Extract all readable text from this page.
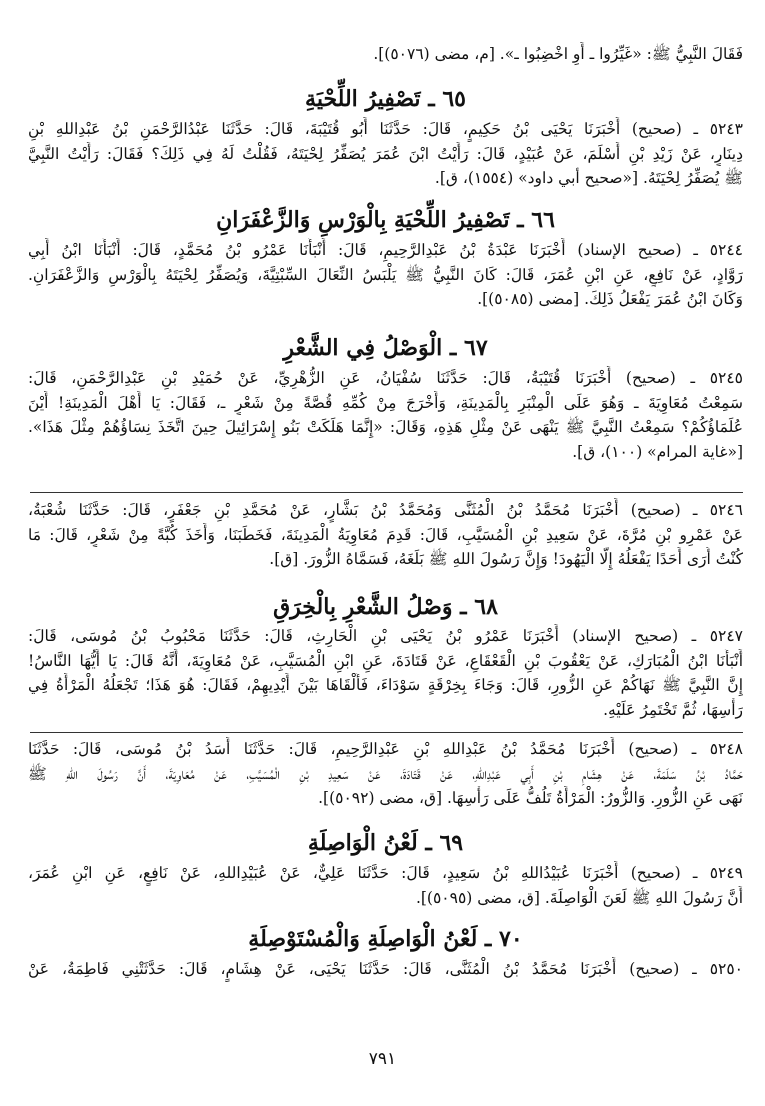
فَقَالَ النَّبِيُّ ﷺ: «غَيِّرُوا ـ أَوِ اخْضِبُوا ـ». [م، مضى (٥٠٧٦)].
٦٥ ـ تَصْفِيرُ اللِّحْيَةِ
٥٢٤٣ ـ (صحيح) أَخْبَرَنَا يَحْيَى بْنُ حَكِيمٍ، قَالَ: حَدَّثَنَا أَبُو قُتَيْبَةَ، قَالَ: حَدَّثَنَا عَبْدُالرَّحْمَنِ بْنُ عَبْدِاللهِ بْنِ
دِينَارٍ، عَنْ زَيْدِ بْنِ أَسْلَمَ، عَنْ عُبَيْدٍ، قَالَ: رَأَيْتُ ابْنَ عُمَرَ يُصَفِّرُ لِحْيَتَهُ، فَقُلْتُ لَهُ فِي ذَلِكَ؟ فَقَالَ: رَأَيْتُ النَّبِيَّ
ﷺ يُصَفِّرُ لِحْيَتَهُ. [«صحيح أبي داود» (١٥٥٤)، ق].
٦٦ ـ تَصْفِيرُ اللِّحْيَةِ بِالْوَرْسِ وَالزَّعْفَرَانِ
٥٢٤٤ ـ (صحيح الإسناد) أَخْبَرَنَا عَبْدَةُ بْنُ عَبْدِالرَّحِيمِ، قَالَ: أَنْبَأَنَا عَمْرُو بْنُ مُحَمَّدٍ، قَالَ: أَنْبَأَنَا ابْنُ أَبِي
رَوَّادٍ، عَنْ نَافِعٍ، عَنِ ابْنِ عُمَرَ، قَالَ: كَانَ النَّبِيُّ ﷺ يَلْبَسُ النِّعَالَ السِّبْتِيَّةَ، وَيُصَفِّرُ لِحْيَتَهُ بِالْوَرْسِ وَالزَّعْفَرَانِ.
وَكَانَ ابْنُ عُمَرَ يَفْعَلُ ذَلِكَ. [مضى (٥٠٨٥)].
٦٧ ـ الْوَصْلُ فِي الشَّعْرِ
٥٢٤٥ ـ (صحيح) أَخْبَرَنَا قُتَيْبَةُ، قَالَ: حَدَّثَنَا سُفْيَانُ، عَنِ الزُّهْرِيِّ، عَنْ حُمَيْدِ بْنِ عَبْدِالرَّحْمَنِ، قَالَ:
سَمِعْتُ مُعَاوِيَةَ ـ وَهُوَ عَلَى الْمِنْبَرِ بِالْمَدِينَةِ، وَأَخْرَجَ مِنْ كُمِّهِ قُصَّةً مِنْ شَعْرٍ ـ، فَقَالَ: يَا أَهْلَ الْمَدِينَةِ! أَيْنَ
عُلَمَاؤُكُمْ؟ سَمِعْتُ النَّبِيَّ ﷺ يَنْهَى عَنْ مِثْلِ هَذِهِ، وَقَالَ: «إِنَّمَا هَلَكَتْ بَنُو إِسْرَائِيلَ حِينَ اتَّخَذَ نِسَاؤُهُمْ مِثْلَ هَذَا».
[«غاية المرام» (١٠٠)، ق].
٥٢٤٦ ـ (صحيح) أَخْبَرَنَا مُحَمَّدُ بْنُ الْمُثَنَّى وَمُحَمَّدُ بْنُ بَشَّارٍ، عَنْ مُحَمَّدِ بْنِ جَعْفَرٍ، قَالَ: حَدَّثَنَا شُعْبَةُ،
عَنْ عَمْرِو بْنِ مُرَّةَ، عَنْ سَعِيدِ بْنِ الْمُسَيَّبِ، قَالَ: قَدِمَ مُعَاوِيَةُ الْمَدِينَةَ، فَخَطَبَنَا، وَأَخَذَ كُبَّةً مِنْ شَعْرٍ، قَالَ: مَا
كُنْتُ أُرَى أَحَدًا يَفْعَلُهُ إِلَّا الْيَهُودَ! وَإِنَّ رَسُولَ اللهِ ﷺ بَلَغَهُ، فَسَمَّاهُ الزُّورَ. [ق].
٦٨ ـ وَصْلُ الشَّعْرِ بِالْخِرَقِ
٥٢٤٧ ـ (صحيح الإسناد) أَخْبَرَنَا عَمْرُو بْنُ يَحْيَى بْنِ الْحَارِثِ، قَالَ: حَدَّثَنَا مَحْبُوبُ بْنُ مُوسَى، قَالَ:
أَنْبَأَنَا ابْنُ الْمُبَارَكِ، عَنْ يَعْقُوبَ بْنِ الْقَعْقَاعِ، عَنْ قَتَادَةَ، عَنِ ابْنِ الْمُسَيَّبِ، عَنْ مُعَاوِيَةَ، أَنَّهُ قَالَ: يَا أَيُّهَا النَّاسُ!
إِنَّ النَّبِيَّ ﷺ نَهَاكُمْ عَنِ الزُّورِ، قَالَ: وَجَاءَ بِخِرْقَةٍ سَوْدَاءَ، فَأَلْقَاهَا بَيْنَ أَيْدِيهِمْ، فَقَالَ: هُوَ هَذَا؛ تَجْعَلُهُ الْمَرْأَةُ فِي
رَأْسِهَا، ثُمَّ تَخْتَمِرُ عَلَيْهِ.
٥٢٤٨ ـ (صحيح) أَخْبَرَنَا مُحَمَّدُ بْنُ عَبْدِاللهِ بْنِ عَبْدِالرَّحِيمِ، قَالَ: حَدَّثَنَا أَسَدُ بْنُ مُوسَى، قَالَ: حَدَّثَنَا
حَمَّادُ بْنُ سَلَمَةَ، عَنْ هِشَامِ بْنِ أَبِي عَبْدِاللهِ، عَنْ قَتَادَةَ، عَنْ سَعِيدِ بْنِ الْمُسَيَّبِ، عَنْ مُعَاوِيَةَ، أَنَّ رَسُولَ اللهِ ﷺ
نَهَى عَنِ الزُّورِ. وَالزُّورُ: الْمَرْأَةُ تَلُفُّ عَلَى رَأْسِهَا. [ق، مضى (٥٠٩٢)].
٦٩ ـ لَعْنُ الْوَاصِلَةِ
٥٢٤٩ ـ (صحيح) أَخْبَرَنَا عُبَيْدُاللهِ بْنُ سَعِيدٍ، قَالَ: حَدَّثَنَا عَلِيٌّ، عَنْ عُبَيْدِاللهِ، عَنْ نَافِعٍ، عَنِ ابْنِ عُمَرَ،
أَنَّ رَسُولَ اللهِ ﷺ لَعَنَ الْوَاصِلَةَ. [ق، مضى (٥٠٩٥)].
٧٠ ـ لَعْنُ الْوَاصِلَةِ وَالْمُسْتَوْصِلَةِ
٥٢٥٠ ـ (صحيح) أَخْبَرَنَا مُحَمَّدُ بْنُ الْمُثَنَّى، قَالَ: حَدَّثَنَا يَحْيَى، عَنْ هِشَامٍ، قَالَ: حَدَّثَتْنِي فَاطِمَةُ، عَنْ
٧٩١
